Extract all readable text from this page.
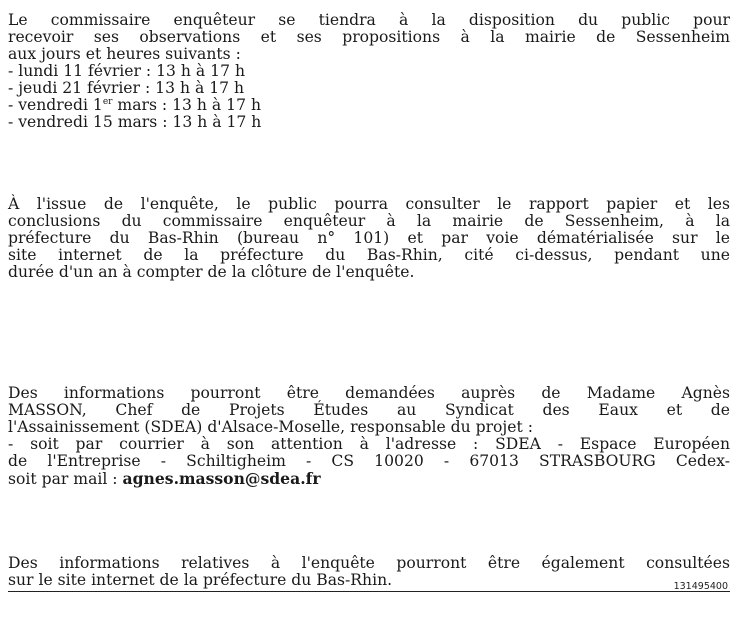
Le commissaire enquêteur se tiendra à la disposition du public pour
recevoir ses observations et ses propositions à la mairie de Sessenheim
aux jours et heures suivants :
- lundi 11 février : 13 h à 17 h
- jeudi 21 février : 13 h à 17 h
- vendredi 1er mars : 13 h à 17 h
- vendredi 15 mars : 13 h à 17 h
À l'issue de l'enquête, le public pourra consulter le rapport papier et les
conclusions du commissaire enquêteur à la mairie de Sessenheim, à la
préfecture du Bas-Rhin (bureau n° 101) et par voie dématérialisée sur le
site internet de la préfecture du Bas-Rhin, cité ci-dessus, pendant une
durée d'un an à compter de la clôture de l'enquête.
Des informations pourront être demandées auprès de Madame Agnès
MASSON, Chef de Projets Études au Syndicat des Eaux et de
l'Assainissement (SDEA) d'Alsace-Moselle, responsable du projet :
- soit par courrier à son attention à l'adresse : SDEA - Espace Européen
de l'Entreprise - Schiltigheim - CS 10020 - 67013 STRASBOURG Cedex-
soit par mail : agnes.masson@sdea.fr
Des informations relatives à l'enquête pourront être également consultées
sur le site internet de la préfecture du Bas-Rhin.	131495400
